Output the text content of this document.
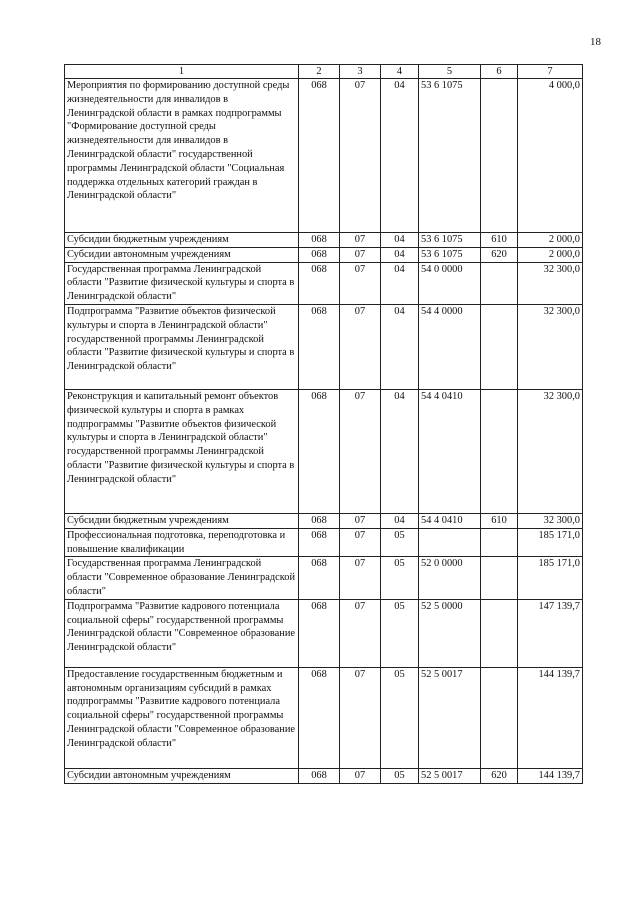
18
1	2	3	4	5	6	7
Мероприятия по формированию доступной среды жизнедеятельности для инвалидов в Ленинградской области в рамках подпрограммы "Формирование доступной среды жизнедеятельности для инвалидов в Ленинградской области" государственной программы Ленинградской области "Социальная поддержка отдельных категорий граждан в Ленинградской области"	068	07	04	53 6 1075		4 000,0
Субсидии бюджетным учреждениям	068	07	04	53 6 1075	610	2 000,0
Субсидии автономным учреждениям	068	07	04	53 6 1075	620	2 000,0
Государственная программа Ленинградской области "Развитие физической культуры и спорта в Ленинградской области"	068	07	04	54 0 0000		32 300,0
Подпрограмма "Развитие объектов физической культуры и спорта в Ленинградской области" государственной программы Ленинградской области "Развитие физической культуры и спорта в Ленинградской области"	068	07	04	54 4 0000		32 300,0
Реконструкция и капитальный ремонт объектов физической культуры и спорта в рамках подпрограммы "Развитие объектов физической культуры и спорта в Ленинградской области" государственной программы Ленинградской области "Развитие физической культуры и спорта в Ленинградской области"	068	07	04	54 4 0410		32 300,0
Субсидии бюджетным учреждениям	068	07	04	54 4 0410	610	32 300,0
Профессиональная подготовка, переподготовка и повышение квалификации	068	07	05			185 171,0
Государственная программа Ленинградской области "Современное образование Ленинградской области"	068	07	05	52 0 0000		185 171,0
Подпрограмма "Развитие кадрового потенциала социальной сферы" государственной программы Ленинградской области "Современное образование Ленинградской области"	068	07	05	52 5 0000		147 139,7
Предоставление государственным бюджетным и автономным организациям субсидий в рамках подпрограммы "Развитие кадрового потенциала социальной сферы" государственной программы Ленинградской области "Современное образование Ленинградской области"	068	07	05	52 5 0017		144 139,7
Субсидии автономным учреждениям	068	07	05	52 5 0017	620	144 139,7
